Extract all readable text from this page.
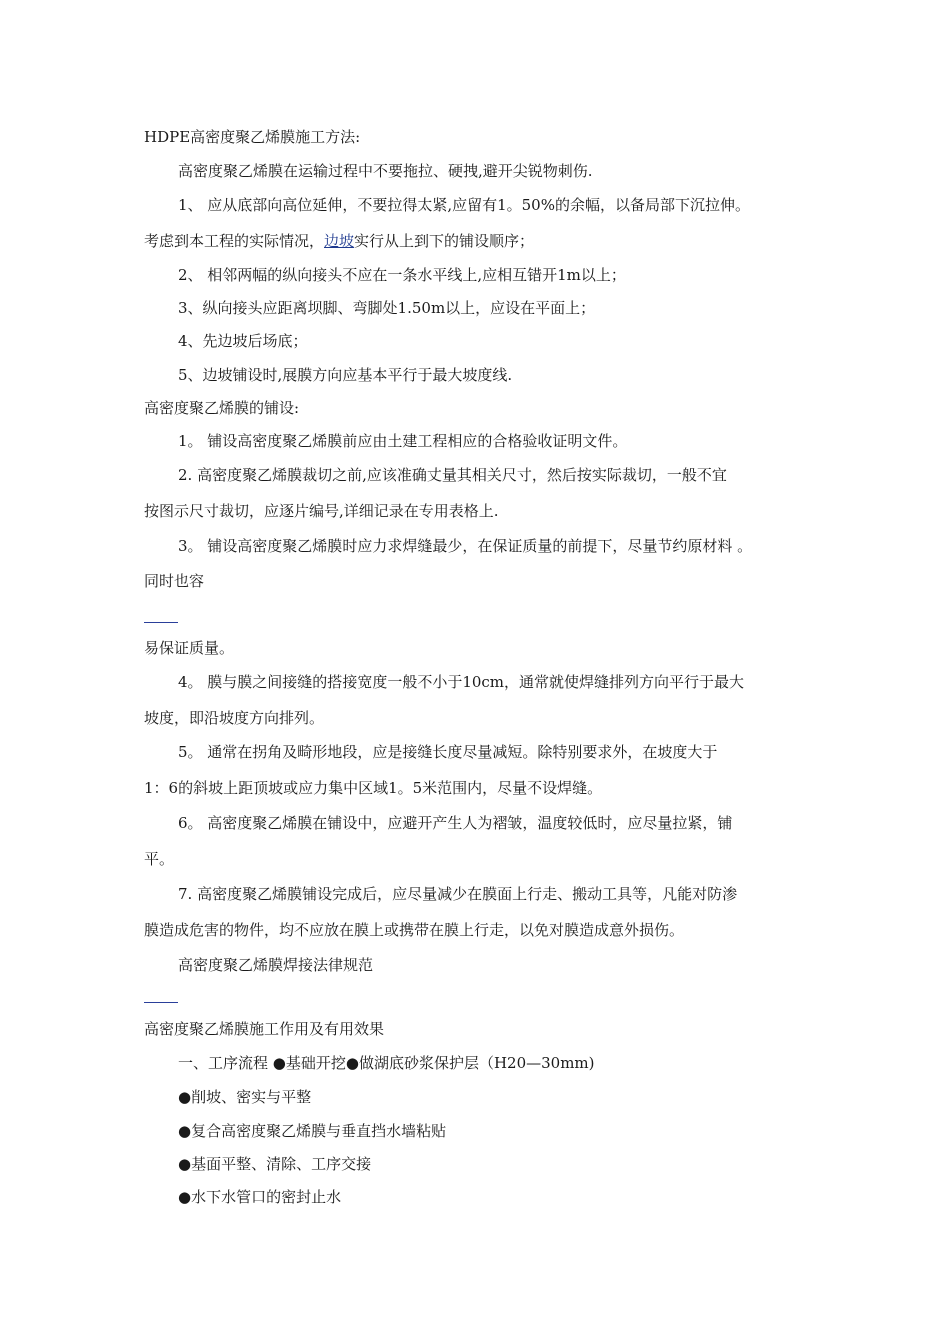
HDPE高密度聚乙烯膜施工方法:
高密度聚乙烯膜在运输过程中不要拖拉、硬拽,避开尖锐物刺伤.
1、 应从底部向高位延伸，不要拉得太紧,应留有1。50%的余幅，以备局部下沉拉伸。
考虑到本工程的实际情况，边坡实行从上到下的铺设顺序；
2、 相邻两幅的纵向接头不应在一条水平线上,应相互错开1m以上；
3、纵向接头应距离坝脚、弯脚处1.50m以上，应设在平面上；
4、先边坡后场底；
5、边坡铺设时,展膜方向应基本平行于最大坡度线.
高密度聚乙烯膜的铺设:
1。 铺设高密度聚乙烯膜前应由土建工程相应的合格验收证明文件。
2. 高密度聚乙烯膜裁切之前,应该准确丈量其相关尺寸，然后按实际裁切，一般不宜
按图示尺寸裁切，应逐片编号,详细记录在专用表格上.
3。 铺设高密度聚乙烯膜时应力求焊缝最少，在保证质量的前提下，尽量节约原材料 。
同时也容
易保证质量。
4。 膜与膜之间接缝的搭接宽度一般不小于10cm，通常就使焊缝排列方向平行于最大
坡度，即沿坡度方向排列。
5。 通常在拐角及畸形地段，应是接缝长度尽量减短。除特别要求外，在坡度大于
1：6的斜坡上距顶坡或应力集中区域1。5米范围内，尽量不设焊缝。
6。 高密度聚乙烯膜在铺设中，应避开产生人为褶皱，温度较低时，应尽量拉紧，铺
平。
7. 高密度聚乙烯膜铺设完成后，应尽量减少在膜面上行走、搬动工具等，凡能对防渗
膜造成危害的物件，均不应放在膜上或携带在膜上行走，以免对膜造成意外损伤。
高密度聚乙烯膜焊接法律规范
高密度聚乙烯膜施工作用及有用效果
一、工序流程 ●基础开挖●做湖底砂浆保护层（H20—30mm)
●削坡、密实与平整
●复合高密度聚乙烯膜与垂直挡水墙粘贴
●基面平整、清除、工序交接
●水下水管口的密封止水
